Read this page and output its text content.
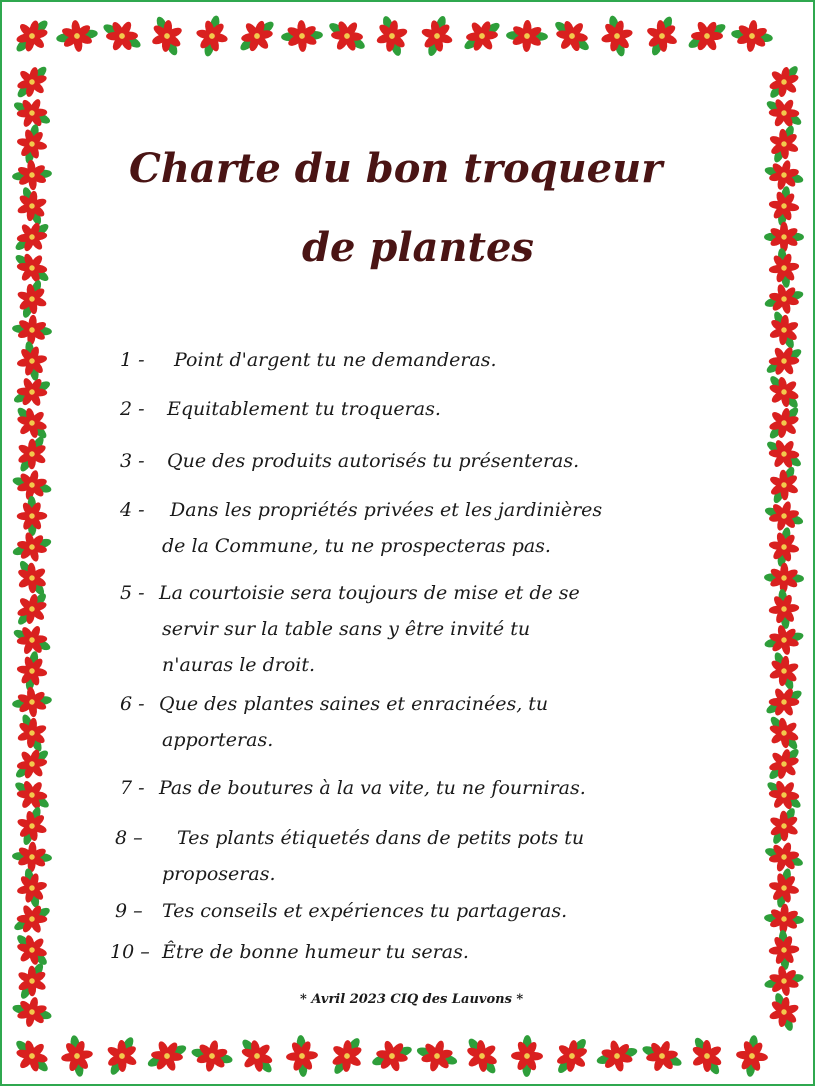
Charte du bon troqueur
de plantes
1 - Point d'argent tu ne demanderas.
2 - Equitablement tu troqueras.
3 - Que des produits autorisés tu présenteras.
4 - Dans les propriétés privées et les jardinières
de la Commune, tu ne prospecteras pas.
5 - La courtoisie sera toujours de mise et de se
servir sur la table sans y être invité tu
n'auras le droit.
6 - Que des plantes saines et enracinées, tu
apporteras.
7 - Pas de boutures à la va vite, tu ne fourniras.
8 – Tes plants étiquetés dans de petits pots tu
proposeras.
9 – Tes conseils et expériences tu partageras.
10 – Être de bonne humeur tu seras.
* Avril 2023 CIQ des Lauvons *
